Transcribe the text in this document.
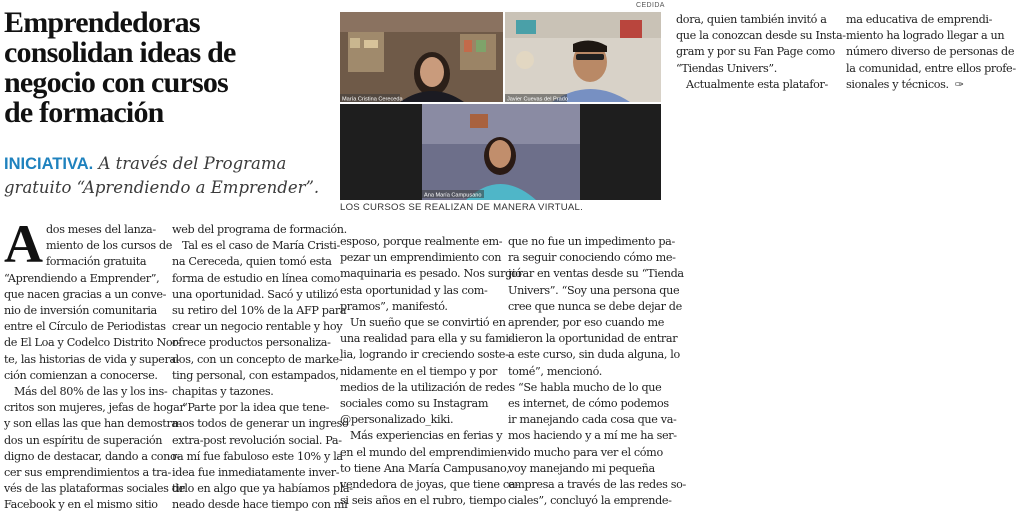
Emprendedoras
consolidan ideas de
negocio con cursos
de formación
INICIATIVA. A través del Programa gratuito “Aprendiendo a Emprender”.
María Cristina Cereceda	Javier Cuevas del Prado
Ana María Campusano
CEDIDA
LOS CURSOS SE REALIZAN DE MANERA VIRTUAL.
A dos meses del lanza-
miento de los cursos de
formación gratuita
“Aprendiendo a Emprender”,
que nacen gracias a un conve-
nio de inversión comunitaria
entre el Círculo de Periodistas
de El Loa y Codelco Distrito Nor-
te, las historias de vida y supera-
ción comienzan a conocerse.
Más del 80% de las y los ins-
critos son mujeres, jefas de hogar
y son ellas las que han demostra-
dos un espíritu de superación
digno de destacar, dando a cono-
cer sus emprendimientos a tra-
vés de las plataformas sociales de
Facebook y en el mismo sitio
web del programa de formación.
Tal es el caso de María Cristi-
na Cereceda, quien tomó esta
forma de estudio en línea como
una oportunidad. Sacó y utilizó
su retiro del 10% de la AFP para
crear un negocio rentable y hoy
ofrece productos personaliza-
dos, con un concepto de marke-
ting personal, con estampados,
chapitas y tazones.
“Parte por la idea que tene-
mos todos de generar un ingreso
extra-post revolución social. Pa-
ra mí fue fabuloso este 10% y la
idea fue inmediatamente inver-
tirlo en algo que ya habíamos pla-
neado desde hace tiempo con mi
esposo, porque realmente em-
pezar un emprendimiento con
maquinaria es pesado. Nos surgió
esta oportunidad y las com-
pramos”, manifestó.
Un sueño que se convirtió en
una realidad para ella y su fami-
lia, logrando ir creciendo soste-
nidamente en el tiempo y por
medios de la utilización de redes
sociales como su Instagram
@personalizado_kiki.
Más experiencias en ferias y
en el mundo del emprendimien-
to tiene Ana María Campusano,
vendedora de joyas, que tiene ca-
si seis años en el rubro, tiempo
que no fue un impedimento pa-
ra seguir conociendo cómo me-
jorar en ventas desde su “Tienda
Univers”. “Soy una persona que
cree que nunca se debe dejar de
aprender, por eso cuando me
dieron la oportunidad de entrar
a este curso, sin duda alguna, lo
tomé”, mencionó.
“Se habla mucho de lo que
es internet, de cómo podemos
ir manejando cada cosa que va-
mos haciendo y a mí me ha ser-
vido mucho para ver el cómo
voy manejando mi pequeña
empresa a través de las redes so-
ciales”, concluyó la emprende-
dora, quien también invitó a
que la conozcan desde su Insta-
gram y por su Fan Page como
“Tiendas Univers”.
Actualmente esta platafor-
ma educativa de emprendi-
miento ha logrado llegar a un
número diverso de personas de
la comunidad, entre ellos profe-
sionales y técnicos. ✑
